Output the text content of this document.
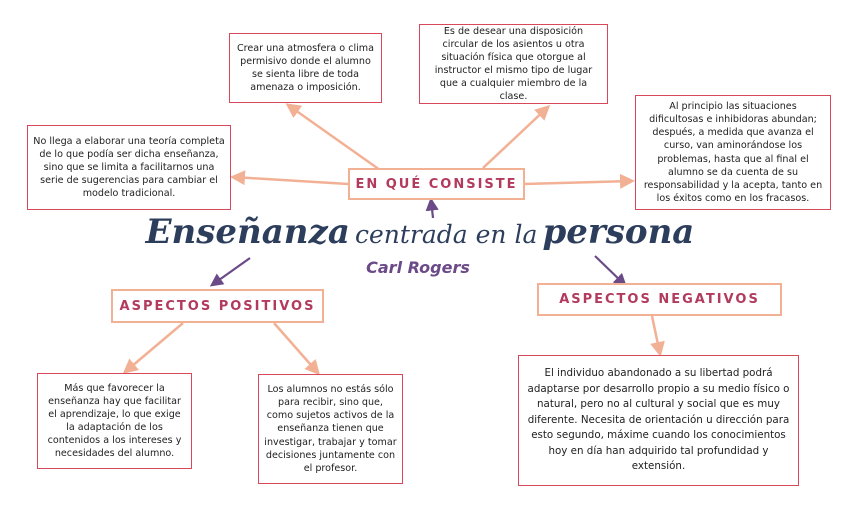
Crear una atmosfera o clima permisivo donde el alumno se sienta libre de toda amenaza o imposición.
Es de desear una disposición circular de los asientos u otra situación física que otorgue al instructor el mismo tipo de lugar que a cualquier miembro de la clase.
No llega a elaborar una teoría completa de lo que podía ser dicha enseñanza, sino que se limita a facilitarnos una serie de sugerencias para cambiar el modelo tradicional.
Al principio las situaciones dificultosas e inhibidoras abundan; después, a medida que avanza el curso, van aminorándose los problemas, hasta que al final el alumno se da cuenta de su responsabilidad y la acepta, tanto en los éxitos como en los fracasos.
EN QUÉ CONSISTE
Enseñanza centrada en la persona
Carl Rogers
ASPECTOS POSITIVOS	ASPECTOS NEGATIVOS
Más que favorecer la enseñanza hay que facilitar el aprendizaje, lo que exige la adaptación de los contenidos a los intereses y necesidades del alumno.
Los alumnos no estás sólo para recibir, sino que, como sujetos activos de la enseñanza tienen que investigar, trabajar y tomar decisiones juntamente con el profesor.
El individuo abandonado a su libertad podrá adaptarse por desarrollo propio a su medio físico o natural, pero no al cultural y social que es muy diferente. Necesita de orientación u dirección para esto segundo, máxime cuando los conocimientos hoy en día han adquirido tal profundidad y extensión.
